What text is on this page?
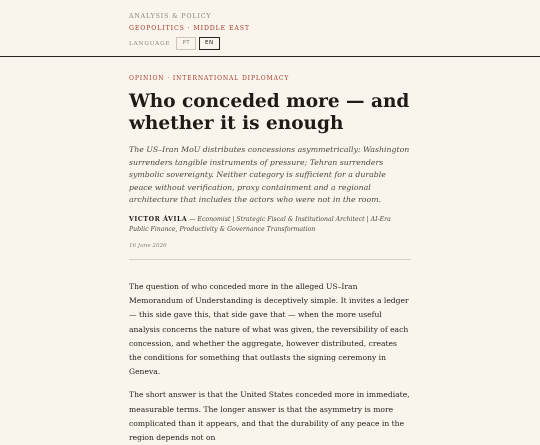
ANALYSIS & POLICY
GEOPOLITICS · MIDDLE EAST
LANGUAGE	PT	EN
OPINION · INTERNATIONAL DIPLOMACY
Who conceded more — and whether it is enough

The US–Iran MoU distributes concessions asymmetrically: Washington surrenders tangible instruments of pressure; Tehran surrenders symbolic sovereignty. Neither category is sufficient for a durable peace without verification, proxy containment and a regional architecture that includes the actors who were not in the room.

VICTOR ÁVILA — Economist | Strategic Fiscal & Institutional Architect | AI-Era Public Finance, Productivity & Governance Transformation

16 June 2026

The question of who conceded more in the alleged US–Iran Memorandum of Understanding is deceptively simple. It invites a ledger — this side gave this, that side gave that — when the more useful analysis concerns the nature of what was given, the reversibility of each concession, and whether the aggregate, however distributed, creates the conditions for something that outlasts the signing ceremony in Geneva.

The short answer is that the United States conceded more in immediate, measurable terms. The longer answer is that the asymmetry is more complicated than it appears, and that the durability of any peace in the region depends not on
